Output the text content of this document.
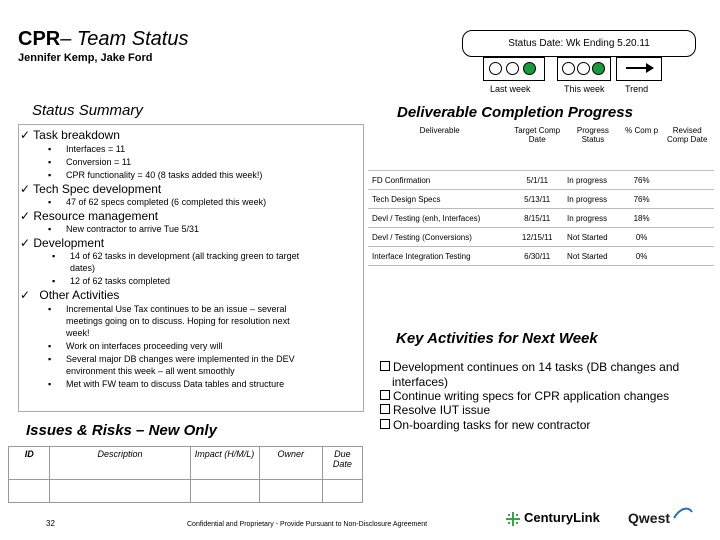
CPR– Team Status
Jennifer Kemp, Jake Ford
Status Date: Wk Ending 5.20.11
Last week	This week Trend
Status Summary	Deliverable Completion Progress
✓ Task breakdown
▪ Interfaces = 11
▪ Conversion = 11
▪ CPR functionality = 40 (8 tasks added this week!)
✓ Tech Spec development
▪ 47 of 62 specs completed (6 completed this week)
✓ Resource management
▪ New contractor to arrive Tue 5/31
✓ Development
▪ 14 of 62 tasks in development (all tracking green to target
dates)
▪ 12 of 62 tasks completed
✓ Other Activities
▪ Incremental Use Tax continues to be an issue – several
meetings going on to discuss. Hoping for resolution next
week!
▪ Work on interfaces proceeding very will
▪ Several major DB changes were implemented in the DEV
environment this week – all went smoothly
▪ Met with FW team to discuss Data tables and structure
Deliverable	Target Comp Date	Progress Status	% Com p	Revised Comp Date
FD Confirmation	5/1/11	In progress	76%	
Tech Design Specs	5/13/11	In progress	76%	
Devl / Testing (enh, Interfaces)	8/15/11	In progress	18%	
Devl / Testing (Conversions)	12/15/11	Not Started	0%	
Interface Integration Testing	6/30/11	Not Started	0%	
Key Activities for Next Week
Development continues on 14 tasks (DB changes and
interfaces)
Continue writing specs for CPR application changes
Resolve IUT issue
On-boarding tasks for new contractor
Issues & Risks – New Only
ID	Description	Impact (H/M/L)	Owner	Due Date

32	Confidential and Proprietary - Provide Pursuant to Non-Disclosure Agreement	CenturyLink Qwest
